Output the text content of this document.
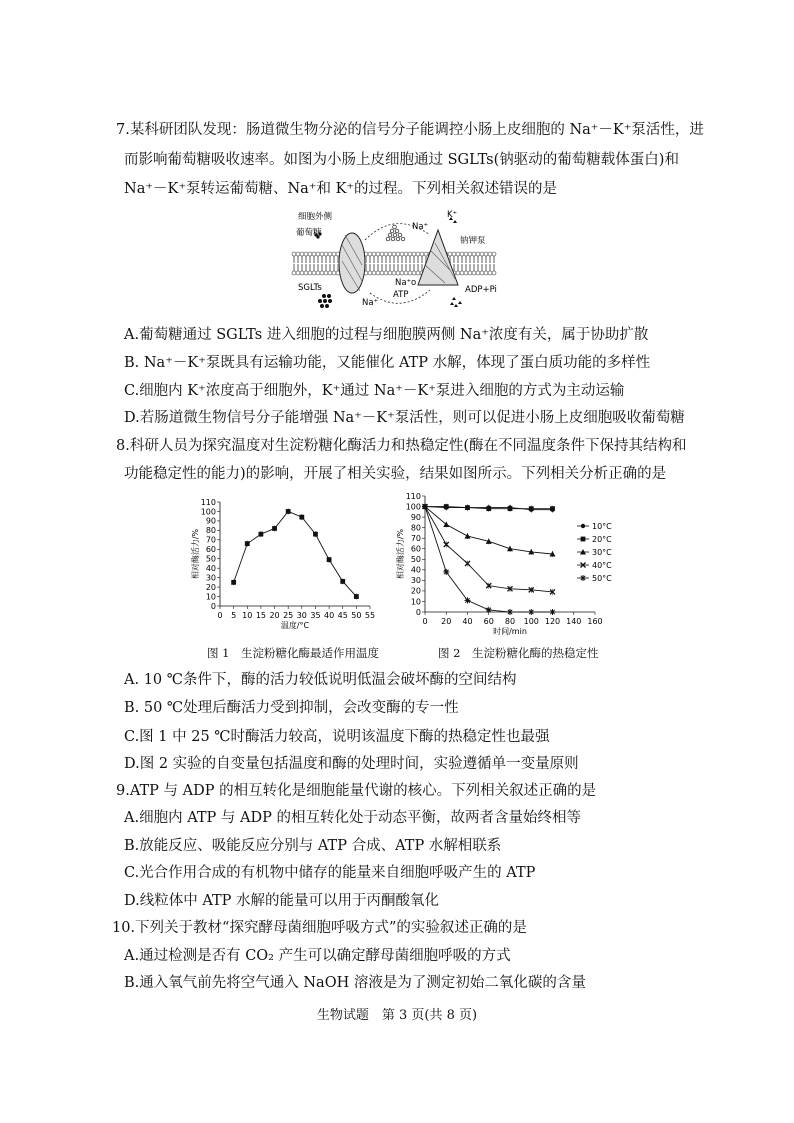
7.某科研团队发现：肠道微生物分泌的信号分子能调控小肠上皮细胞的 Na⁺－K⁺泵活性，进
而影响葡萄糖吸收速率。如图为小肠上皮细胞通过 SGLTs(钠驱动的葡萄糖载体蛋白)和
Na⁺－K⁺泵转运葡萄糖、Na⁺和 K⁺的过程。下列相关叙述错误的是
细胞外侧
葡萄糖
SGLTs
Na⁺
K⁺
钠钾泵
Na⁺o
ATP	ADP+Pi
Na⁺
A.葡萄糖通过 SGLTs 进入细胞的过程与细胞膜两侧 Na⁺浓度有关，属于协助扩散
B. Na⁺－K⁺泵既具有运输功能，又能催化 ATP 水解，体现了蛋白质功能的多样性
C.细胞内 K⁺浓度高于细胞外，K⁺通过 Na⁺－K⁺泵进入细胞的方式为主动运输
D.若肠道微生物信号分子能增强 Na⁺－K⁺泵活性，则可以促进小肠上皮细胞吸收葡萄糖
8.科研人员为探究温度对生淀粉糖化酶活力和热稳定性(酶在不同温度条件下保持其结构和
功能稳定性的能力)的影响，开展了相关实验，结果如图所示。下列相关分析正确的是
0
10
20
30
40
50
60
70
80
90
100
110
0 5 10 15 20 25 30 35 40 45 50 55
温度/°C
相对酶活力/%
0
10
20
30
40
50
60
70
80
90
100
110
0 20 40 60 80 100 120 140 160
时间/min
相对酶活力/%
10°C
20°C
30°C
40°C
50°C
图 1　生淀粉糖化酶最适作用温度	图 2　生淀粉糖化酶的热稳定性
A. 10 ℃条件下，酶的活力较低说明低温会破坏酶的空间结构
B. 50 ℃处理后酶活力受到抑制，会改变酶的专一性
C.图 1 中 25 ℃时酶活力较高，说明该温度下酶的热稳定性也最强
D.图 2 实验的自变量包括温度和酶的处理时间，实验遵循单一变量原则
9.ATP 与 ADP 的相互转化是细胞能量代谢的核心。下列相关叙述正确的是
A.细胞内 ATP 与 ADP 的相互转化处于动态平衡，故两者含量始终相等
B.放能反应、吸能反应分别与 ATP 合成、ATP 水解相联系
C.光合作用合成的有机物中储存的能量来自细胞呼吸产生的 ATP
D.线粒体中 ATP 水解的能量可以用于丙酮酸氧化
10.下列关于教材“探究酵母菌细胞呼吸方式”的实验叙述正确的是
A.通过检测是否有 CO₂ 产生可以确定酵母菌细胞呼吸的方式
B.通入氧气前先将空气通入 NaOH 溶液是为了测定初始二氧化碳的含量
生物试题　第 3 页(共 8 页)
